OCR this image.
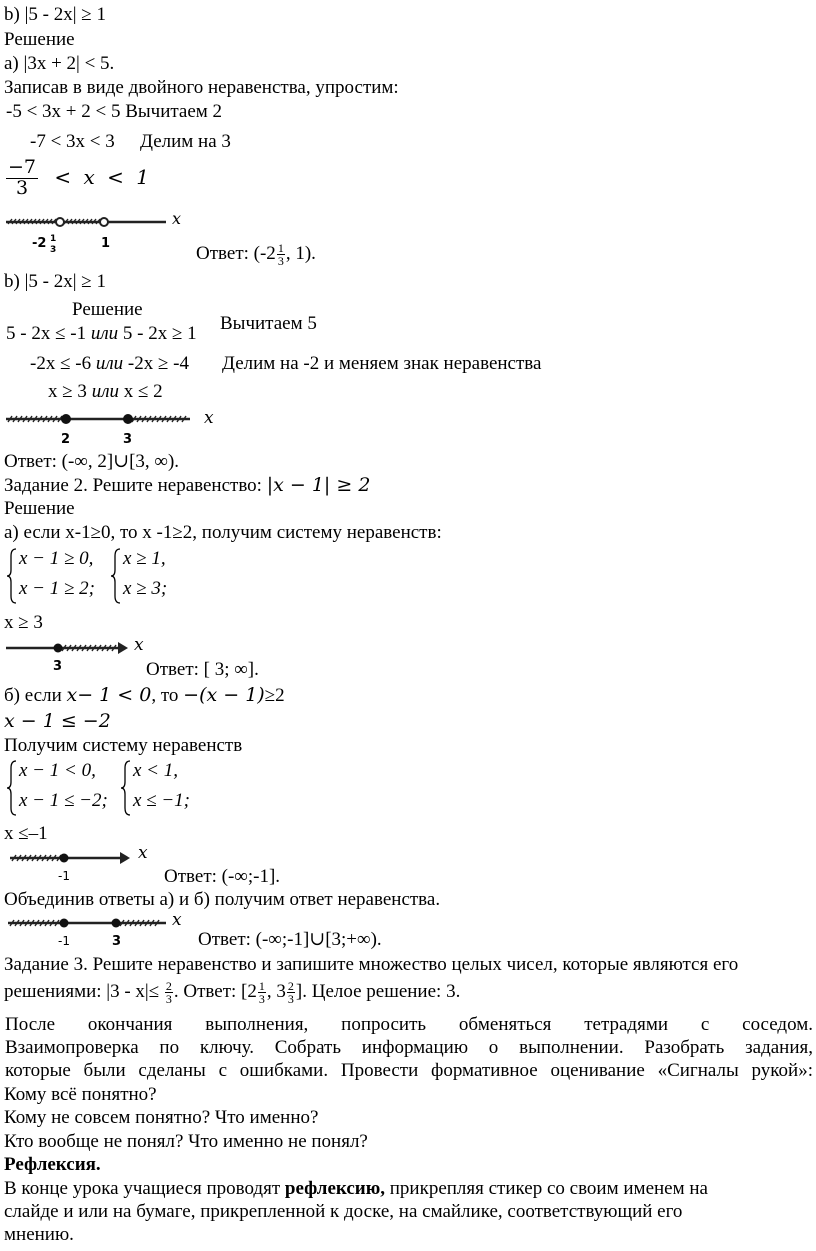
b) |5 - 2x| ≥ 1
Решение
а) |3x + 2| < 5.
Записав в виде двойного неравенства, упростим:
-5 < 3x + 2 < 5 Вычитаем 2
-7 < 3x < 3 Делим на 3
$\frac{-7}{3} < x < 1$
x
-2 1
3	1	Ответ: ($-2 \frac{1}{3}$ , 1).
b) |5 - 2x| ≥ 1
Решение
Вычитаем 5
5 - 2x ≤ -1 или 5 - 2x ≥ 1
-2x ≤ -6 или -2x ≥ -4 Делим на -2 и меняем знак неравенства
x ≥ 3 или x ≤ 2
x
2	3
Ответ: (-∞, 2]∪[3, ∞).
Задание 2. Решите неравенство: |x − 1| ≥ 2
Решение
а) если х-1≥0, то х -1≥2, получим систему неравенств:
x − 1 ≥ 0,
x − 1 ≥ 2;
x ≥ 1,
x ≥ 3;
x ≥ 3
x
3	Ответ: [ 3; ∞].
б) если x− 1 < 0, то −(x − 1)≥2
x − 1 ≤ −2
Получим систему неравенств
x − 1 < 0,
x − 1 ≤ −2;
x < 1,
x ≤ −1;
x ≤–1
x
-1	Ответ: (-∞;-1].
Объединив ответы а) и б) получим ответ неравенства.
x
-1	3	Ответ: (-∞;-1]∪[3;+∞).
Задание 3. Решите неравенство и запишите множество целых чисел, которые являются его
решениями: $|3 - x|\le \frac{2}{3}$ . Ответ: [$2 \frac{1}{3}$ , $3 \frac{2}{3}$ ]. Целое решение: 3.
После окончания выполнения, попросить обменяться тетрадями с соседом.
Взаимопроверка по ключу. Собрать информацию о выполнении. Разобрать задания,
которые были сделаны с ошибками. Провести формативное оценивание «Сигналы рукой»:
Кому всё понятно?
Кому не совсем понятно? Что именно?
Кто вообще не понял? Что именно не понял?
Рефлексия.
В конце урока учащиеся проводят рефлексию, прикрепляя стикер со своим именем на
слайде и или на бумаге, прикрепленной к доске, на смайлике, соответствующий его
мнению.
